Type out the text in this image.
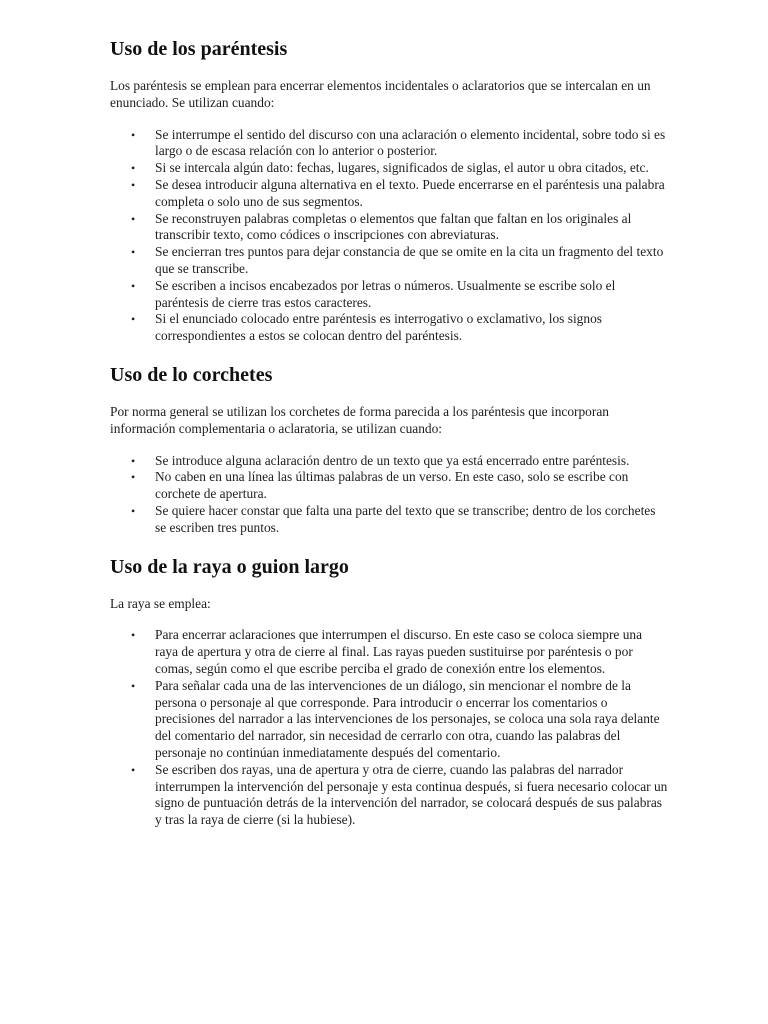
Uso de los paréntesis

Los paréntesis se emplean para encerrar elementos incidentales o aclaratorios que se intercalan en un enunciado. Se utilizan cuando:

• Se interrumpe el sentido del discurso con una aclaración o elemento incidental, sobre todo si es largo o de escasa relación con lo anterior o posterior.
• Si se intercala algún dato: fechas, lugares, significados de siglas, el autor u obra citados, etc.
• Se desea introducir alguna alternativa en el texto. Puede encerrarse en el paréntesis una palabra completa o solo uno de sus segmentos.
• Se reconstruyen palabras completas o elementos que faltan que faltan en los originales al transcribir texto, como códices o inscripciones con abreviaturas.
• Se encierran tres puntos para dejar constancia de que se omite en la cita un fragmento del texto que se transcribe.
• Se escriben a incisos encabezados por letras o números. Usualmente se escribe solo el paréntesis de cierre tras estos caracteres.
• Si el enunciado colocado entre paréntesis es interrogativo o exclamativo, los signos correspondientes a estos se colocan dentro del paréntesis.
Uso de lo corchetes

Por norma general se utilizan los corchetes de forma parecida a los paréntesis que incorporan información complementaria o aclaratoria, se utilizan cuando:

• Se introduce alguna aclaración dentro de un texto que ya está encerrado entre paréntesis.
• No caben en una línea las últimas palabras de un verso. En este caso, solo se escribe con corchete de apertura.
• Se quiere hacer constar que falta una parte del texto que se transcribe; dentro de los corchetes se escriben tres puntos.
Uso de la raya o guion largo

La raya se emplea:

• Para encerrar aclaraciones que interrumpen el discurso. En este caso se coloca siempre una raya de apertura y otra de cierre al final. Las rayas pueden sustituirse por paréntesis o por comas, según como el que escribe perciba el grado de conexión entre los elementos.
• Para señalar cada una de las intervenciones de un diálogo, sin mencionar el nombre de la persona o personaje al que corresponde. Para introducir o encerrar los comentarios o precisiones del narrador a las intervenciones de los personajes, se coloca una sola raya delante del comentario del narrador, sin necesidad de cerrarlo con otra, cuando las palabras del personaje no continúan inmediatamente después del comentario.
• Se escriben dos rayas, una de apertura y otra de cierre, cuando las palabras del narrador interrumpen la intervención del personaje y esta continua después, si fuera necesario colocar un signo de puntuación detrás de la intervención del narrador, se colocará después de sus palabras y tras la raya de cierre (si la hubiese).
